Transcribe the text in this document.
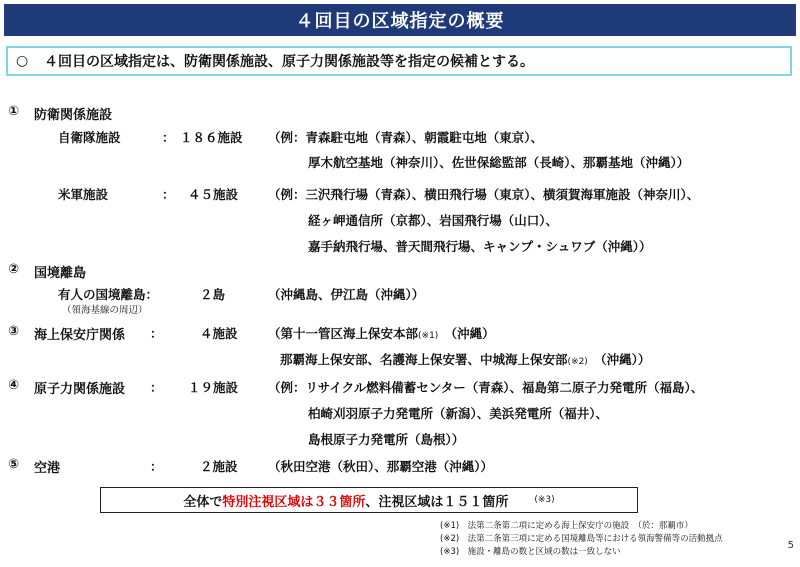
４回目の区域指定の概要
○	４回目の区域指定は、防衛関係施設、原子力関係施設等を指定の候補とする。
① 防衛関係施設
自衛隊施設	： １８６施設 （例：青森駐屯地（青森）、朝霞駐屯地（東京）、
厚木航空基地（神奈川）、佐世保総監部（長崎）、那覇基地（沖縄））
米軍施設	： ４５施設 （例：三沢飛行場（青森）、横田飛行場（東京）、横須賀海軍施設（神奈川）、
経ヶ岬通信所（京都）、岩国飛行場（山口）、
嘉手納飛行場、普天間飛行場、キャンプ・シュワブ（沖縄））
② 国境離島
有人の国境離島：
（領海基線の周辺）
２島	（沖縄島、伊江島（沖縄））
③ 海上保安庁関係 ：	４施設 （第十一管区海上保安本部(※1)　 （沖縄）
那覇海上保安部、名護海上保安署、中城海上保安部(※2)　 （沖縄））
④ 原子力関係施設 ： １９施設 （例：リサイクル燃料備蓄センター（青森）、福島第二原子力発電所（福島）、
柏崎刈羽原子力発電所（新潟）、美浜発電所（福井）、
島根原子力発電所（島根））
⑤ 空港	：	２施設 （秋田空港（秋田）、那覇空港（沖縄））
全体で 特別注視区域は３３箇所 、注視区域は１５１箇所	(※3)
(※1)　法第二条第二項に定める海上保安庁の施設　（於：那覇市）
(※2)　法第二条第三項に定める国境離島等における領海警備等の活動拠点
(※3)　施設・離島の数と区域の数は一致しない
5
